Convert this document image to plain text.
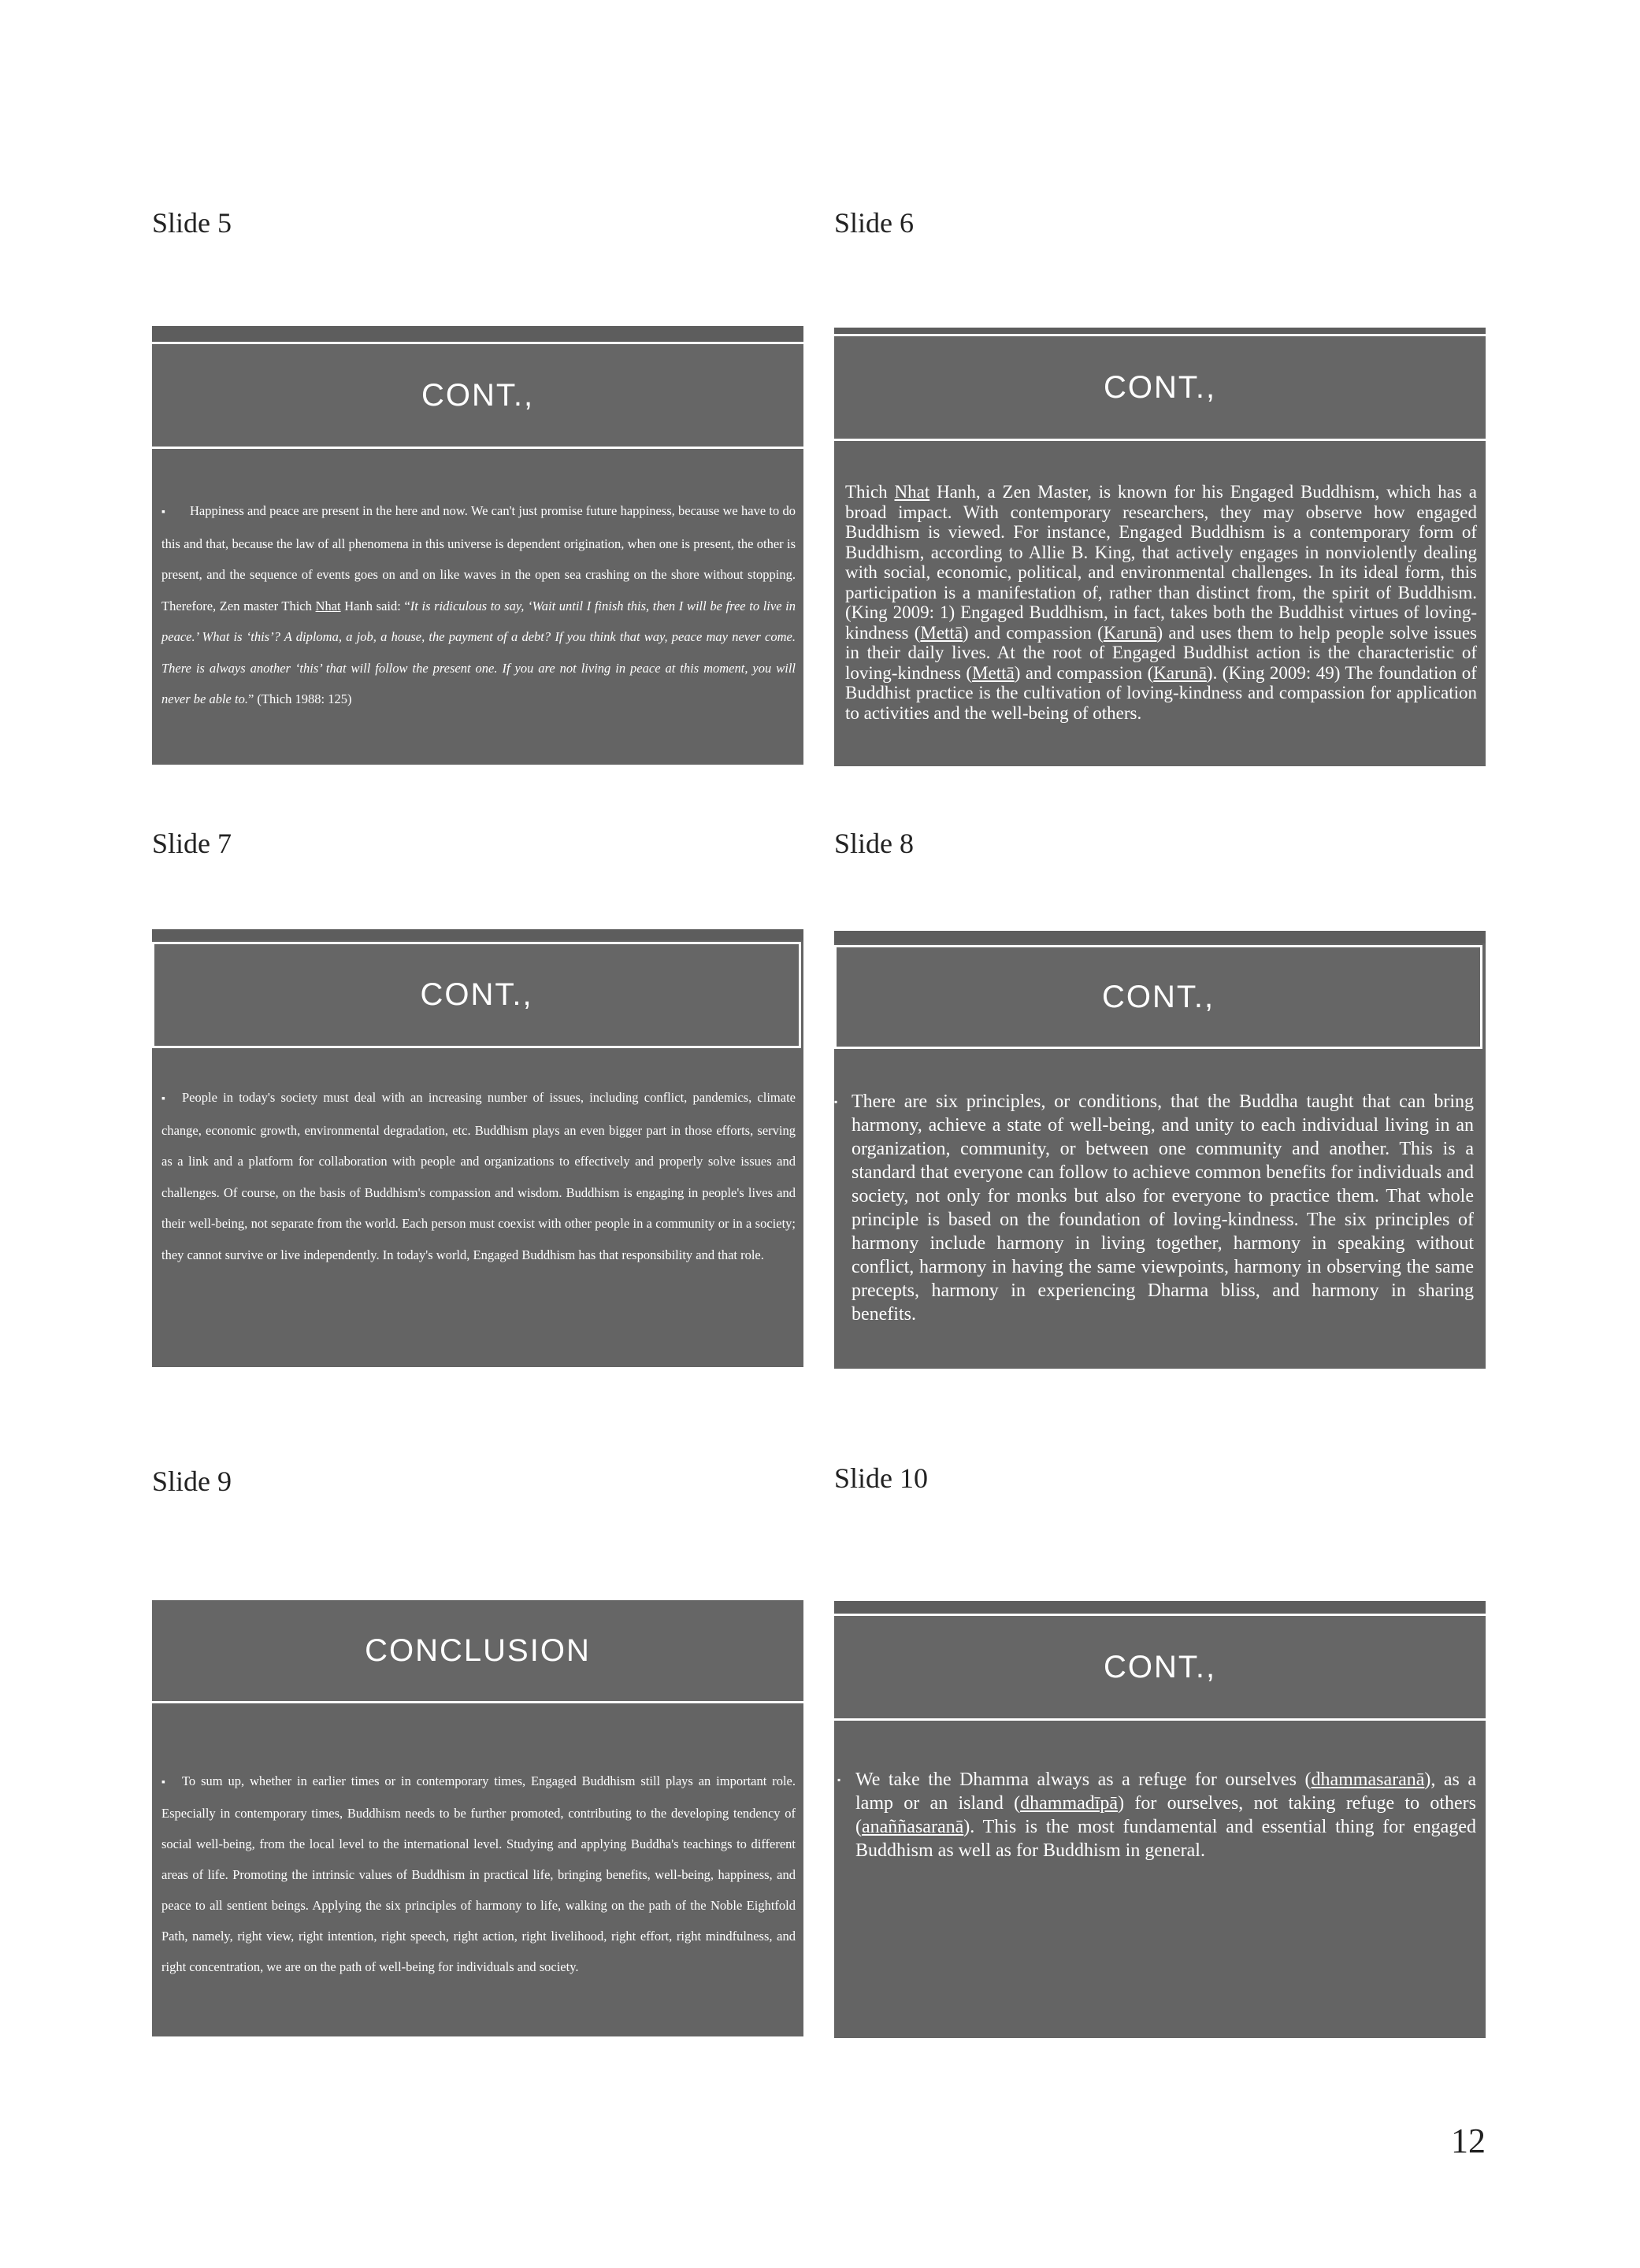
Slide 5
CONT.,
▪ Happiness and peace are present in the here and now. We can't just promise future happiness, because we have to do this and that, because the law of all phenomena in this universe is dependent origination, when one is present, the other is present, and the sequence of events goes on and on like waves in the open sea crashing on the shore without stopping. Therefore, Zen master Thich Nhat Hanh said: “It is ridiculous to say, ‘Wait until I finish this, then I will be free to live in peace.’ What is ‘this’? A diploma, a job, a house, the payment of a debt? If you think that way, peace may never come. There is always another ‘this’ that will follow the present one. If you are not living in peace at this moment, you will never be able to.” (Thich 1988: 125)
Slide 6
CONT.,
Thich Nhat Hanh, a Zen Master, is known for his Engaged Buddhism, which has a broad impact. With contemporary researchers, they may observe how engaged Buddhism is viewed. For instance, Engaged Buddhism is a contemporary form of Buddhism, according to Allie B. King, that actively engages in nonviolently dealing with social, economic, political, and environmental challenges. In its ideal form, this participation is a manifestation of, rather than distinct from, the spirit of Buddhism. (King 2009: 1) Engaged Buddhism, in fact, takes both the Buddhist virtues of loving-kindness (Mettā) and compassion (Karunā) and uses them to help people solve issues in their daily lives. At the root of Engaged Buddhist action is the characteristic of loving-kindness (Mettā) and compassion (Karunā). (King 2009: 49) The foundation of Buddhist practice is the cultivation of loving-kindness and compassion for application to activities and the well-being of others.
Slide 7
CONT.,
▪ People in today's society must deal with an increasing number of issues, including conflict, pandemics, climate change, economic growth, environmental degradation, etc. Buddhism plays an even bigger part in those efforts, serving as a link and a platform for collaboration with people and organizations to effectively and properly solve issues and challenges. Of course, on the basis of Buddhism's compassion and wisdom. Buddhism is engaging in people's lives and their well-being, not separate from the world. Each person must coexist with other people in a community or in a society; they cannot survive or live independently. In today's world, Engaged Buddhism has that responsibility and that role.
Slide 8
CONT.,
▪ There are six principles, or conditions, that the Buddha taught that can bring harmony, achieve a state of well-being, and unity to each individual living in an organization, community, or between one community and another. This is a standard that everyone can follow to achieve common benefits for individuals and society, not only for monks but also for everyone to practice them. That whole principle is based on the foundation of loving-kindness. The six principles of harmony include harmony in living together, harmony in speaking without conflict, harmony in having the same viewpoints, harmony in observing the same precepts, harmony in experiencing Dharma bliss, and harmony in sharing benefits.
Slide 9
CONCLUSION
▪ To sum up, whether in earlier times or in contemporary times, Engaged Buddhism still plays an important role. Especially in contemporary times, Buddhism needs to be further promoted, contributing to the developing tendency of social well-being, from the local level to the international level. Studying and applying Buddha's teachings to different areas of life. Promoting the intrinsic values of Buddhism in practical life, bringing benefits, well-being, happiness, and peace to all sentient beings. Applying the six principles of harmony to life, walking on the path of the Noble Eightfold Path, namely, right view, right intention, right speech, right action, right livelihood, right effort, right mindfulness, and right concentration, we are on the path of well-being for individuals and society.
Slide 10
CONT.,
▪ We take the Dhamma always as a refuge for ourselves (dhammasaranā), as a lamp or an island (dhammadīpā) for ourselves, not taking refuge to others (anaññasaranā). This is the most fundamental and essential thing for engaged Buddhism as well as for Buddhism in general.
12
